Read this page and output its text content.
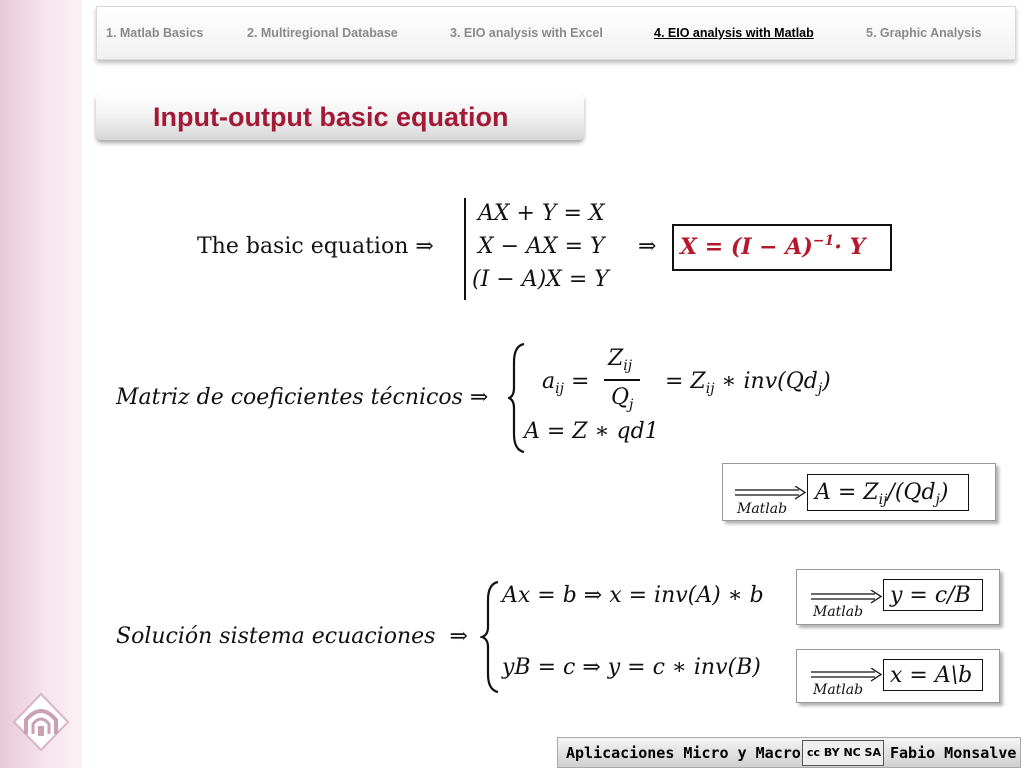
1. Matlab Basics	2. Multiregional Database	3. EIO analysis with Excel	4. EIO analysis with Matlab	5. Graphic Analysis
Input-output basic equation
The basic equation ⇒
AX + Y = X
X − AX = Y
(I − A)X = Y
⇒ $X = (I - A)^{-1}\cdot Y$
Matriz de coeficientes técnicos ⇒
$a_{ij}$ =
$Z_{ij}$
$Q_j$
= $Z_{ij}$ ∗ $inv(Qd_j)$
A = Z ∗ qd1
Matlab
$A = Z_{ij}/(Qd_j)$
Solución sistema ecuaciones  ⇒
Ax = b ⇒ x = inv(A) ∗ b
yB = c ⇒ y = c ∗ inv(B)
Matlab
y = c/B
Matlab
x = A\b
Aplicaciones Micro y Macro cc BY NC SA Fabio Monsalve
